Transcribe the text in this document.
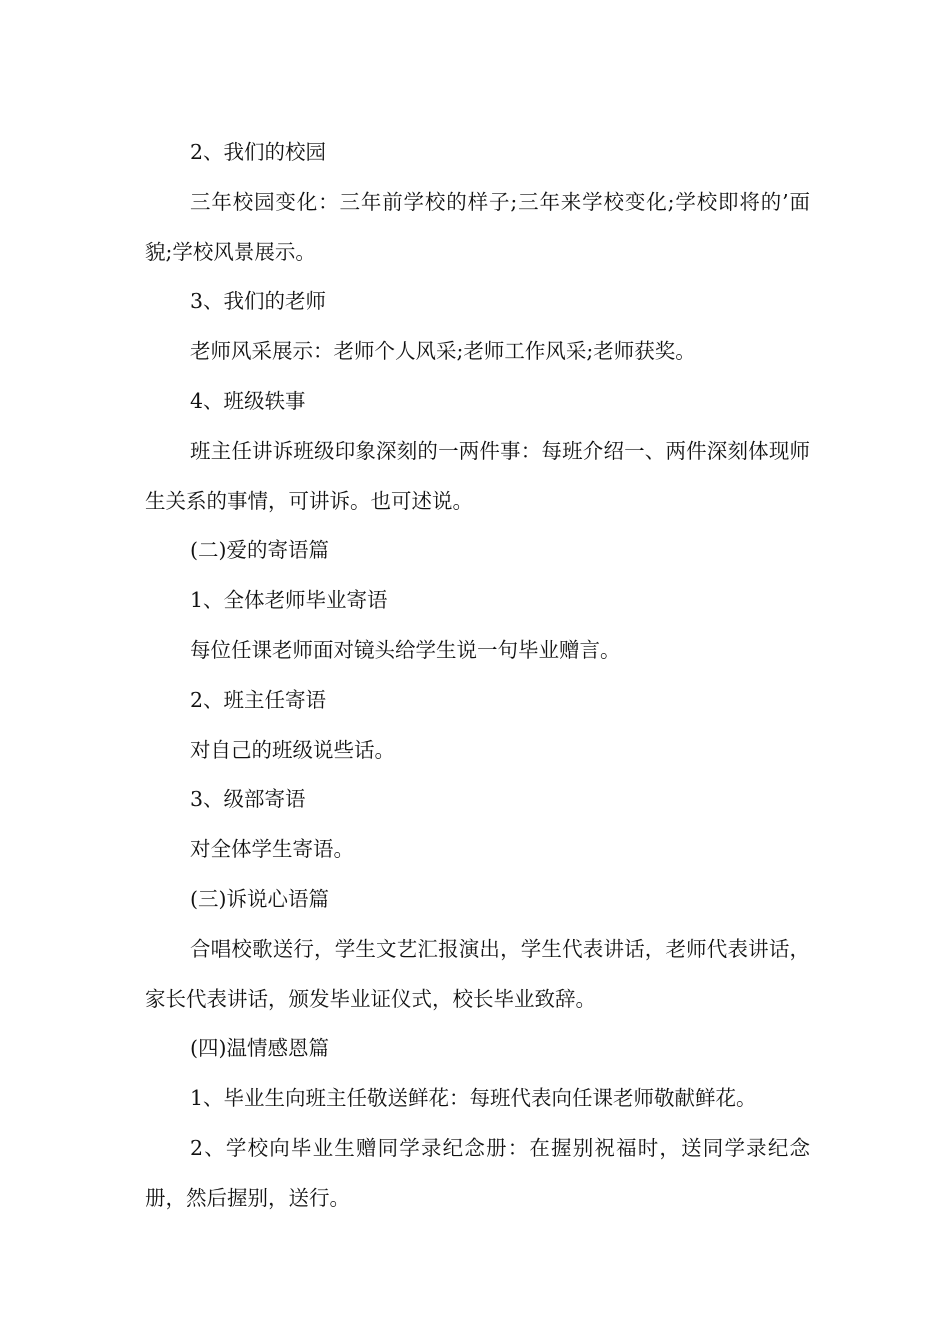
2、我们的校园

三年校园变化：三年前学校的样子;三年来学校变化;学校即将的’面貌;学校风景展示。

3、我们的老师

老师风采展示：老师个人风采;老师工作风采;老师获奖。

4、班级轶事

班主任讲诉班级印象深刻的一两件事：每班介绍一、两件深刻体现师生关系的事情，可讲诉。也可述说。

(二)爱的寄语篇

1、全体老师毕业寄语

每位任课老师面对镜头给学生说一句毕业赠言。

2、班主任寄语

对自己的班级说些话。

3、级部寄语

对全体学生寄语。

(三)诉说心语篇

合唱校歌送行，学生文艺汇报演出，学生代表讲话，老师代表讲话，家长代表讲话，颁发毕业证仪式，校长毕业致辞。

(四)温情感恩篇

1、毕业生向班主任敬送鲜花：每班代表向任课老师敬献鲜花。

2、学校向毕业生赠同学录纪念册：在握别祝福时，送同学录纪念册，然后握别，送行。
